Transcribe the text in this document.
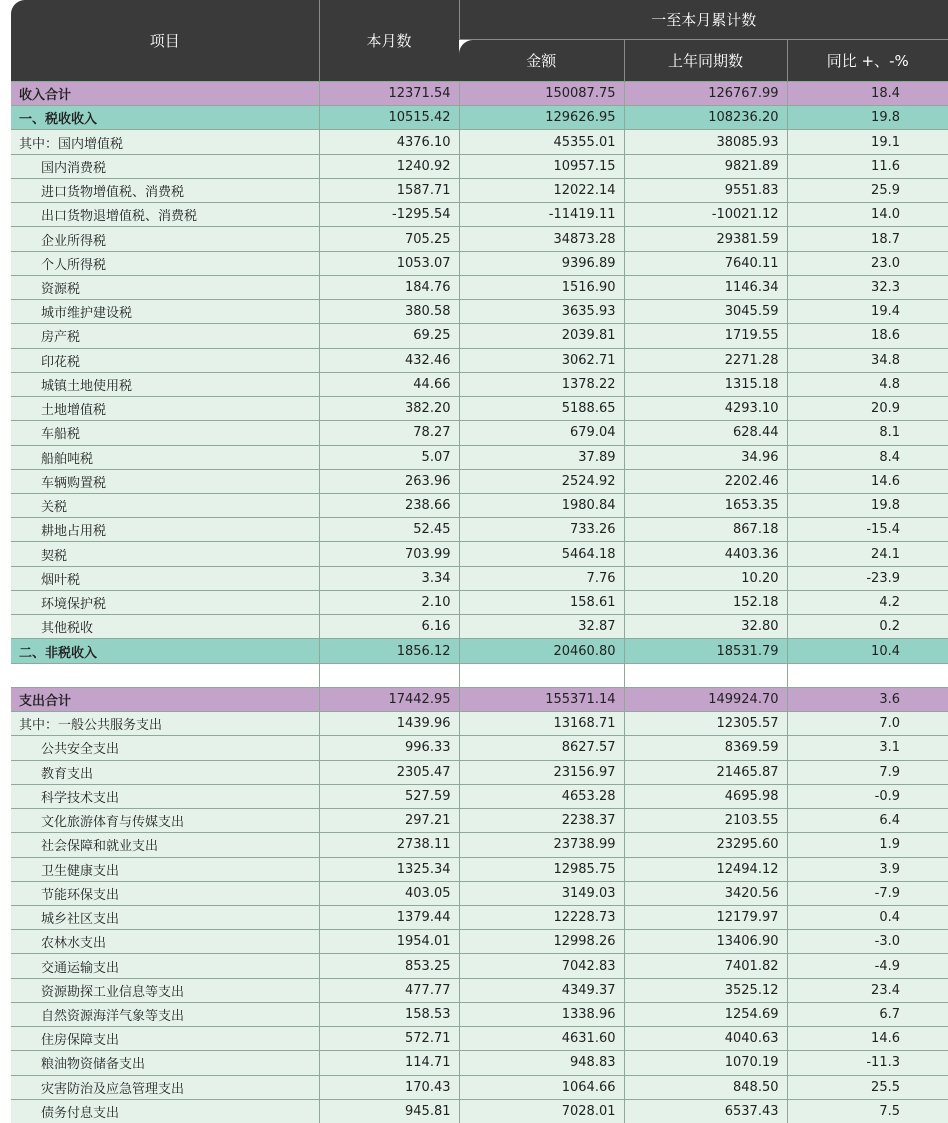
项目	本月数	一至本月累计数		
		金额	上年同期数	同比 +、-%
收入合计	12371.54	150087.75	126767.99	18.4
一、税收收入	10515.42	129626.95	108236.20	19.8
其中：国内增值税	4376.10	45355.01	38085.93	19.1
国内消费税	1240.92	10957.15	9821.89	11.6
进口货物增值税、消费税	1587.71	12022.14	9551.83	25.9
出口货物退增值税、消费税	-1295.54	-11419.11	-10021.12	14.0
企业所得税	705.25	34873.28	29381.59	18.7
个人所得税	1053.07	9396.89	7640.11	23.0
资源税	184.76	1516.90	1146.34	32.3
城市维护建设税	380.58	3635.93	3045.59	19.4
房产税	69.25	2039.81	1719.55	18.6
印花税	432.46	3062.71	2271.28	34.8
城镇土地使用税	44.66	1378.22	1315.18	4.8
土地增值税	382.20	5188.65	4293.10	20.9
车船税	78.27	679.04	628.44	8.1
船舶吨税	5.07	37.89	34.96	8.4
车辆购置税	263.96	2524.92	2202.46	14.6
关税	238.66	1980.84	1653.35	19.8
耕地占用税	52.45	733.26	867.18	-15.4
契税	703.99	5464.18	4403.36	24.1
烟叶税	3.34	7.76	10.20	-23.9
环境保护税	2.10	158.61	152.18	4.2
其他税收	6.16	32.87	32.80	0.2
二、非税收入	1856.12	20460.80	18531.79	10.4

支出合计	17442.95	155371.14	149924.70	3.6
其中：一般公共服务支出	1439.96	13168.71	12305.57	7.0
公共安全支出	996.33	8627.57	8369.59	3.1
教育支出	2305.47	23156.97	21465.87	7.9
科学技术支出	527.59	4653.28	4695.98	-0.9
文化旅游体育与传媒支出	297.21	2238.37	2103.55	6.4
社会保障和就业支出	2738.11	23738.99	23295.60	1.9
卫生健康支出	1325.34	12985.75	12494.12	3.9
节能环保支出	403.05	3149.03	3420.56	-7.9
城乡社区支出	1379.44	12228.73	12179.97	0.4
农林水支出	1954.01	12998.26	13406.90	-3.0
交通运输支出	853.25	7042.83	7401.82	-4.9
资源勘探工业信息等支出	477.77	4349.37	3525.12	23.4
自然资源海洋气象等支出	158.53	1338.96	1254.69	6.7
住房保障支出	572.71	4631.60	4040.63	14.6
粮油物资储备支出	114.71	948.83	1070.19	-11.3
灾害防治及应急管理支出	170.43	1064.66	848.50	25.5
债务付息支出	945.81	7028.01	6537.43	7.5
